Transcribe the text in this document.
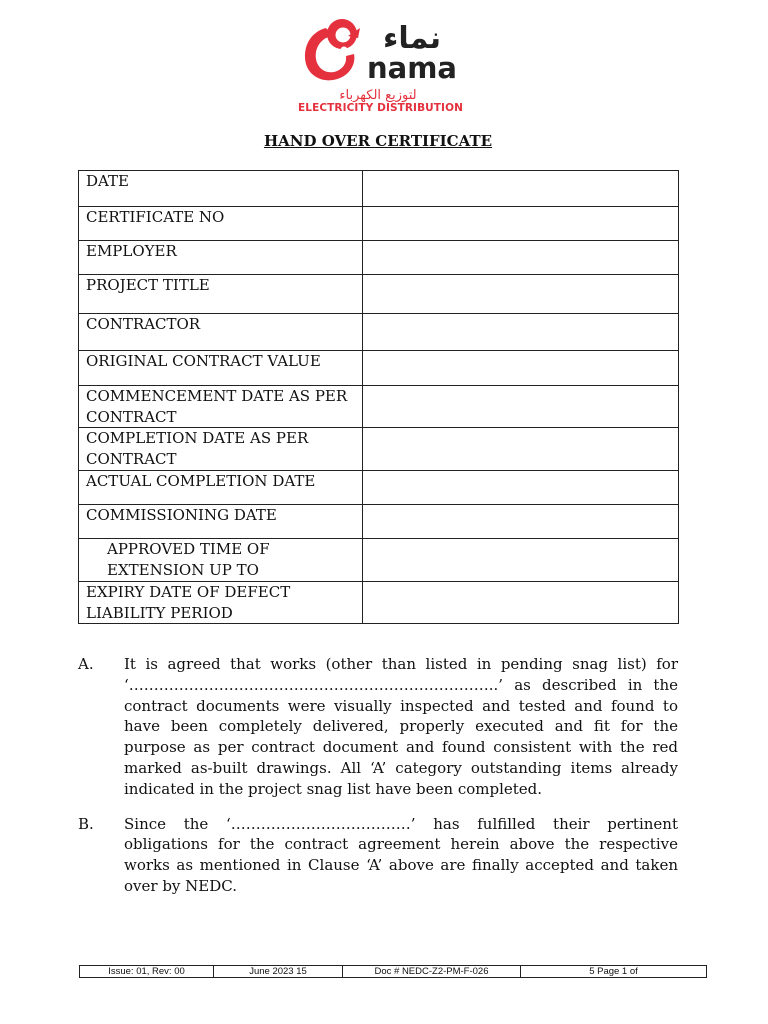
نماء
nama
لتوزيع الكهرباء
ELECTRICITY DISTRIBUTION
HAND OVER CERTIFICATE
DATE	
CERTIFICATE NO	
EMPLOYER	
PROJECT TITLE	
CONTRACTOR	
ORIGINAL CONTRACT VALUE	
COMMENCEMENT DATE AS PER CONTRACT	
COMPLETION DATE AS PER CONTRACT	
ACTUAL COMPLETION DATE	
COMMISSIONING DATE	
APPROVED TIME OF EXTENSION UP TO	
EXPIRY DATE OF DEFECT LIABILITY PERIOD	
A.	It is agreed that works (other than listed in pending snag list) for ‘………………………………………………………………..’ as described in the contract documents were visually inspected and tested and found to have been completely delivered, properly executed and fit for the purpose as per contract document and found consistent with the red marked as-built drawings. All ‘A’ category outstanding items already indicated in the project snag list have been completed.
B.	Since the ‘………………………………’ has fulfilled their pertinent obligations for the contract agreement herein above the respective works as mentioned in Clause ‘A’ above are finally accepted and taken over by NEDC.
Issue: 01, Rev: 00	June 2023 15	Doc # NEDC-Z2-PM-F-026	5 Page 1 of
